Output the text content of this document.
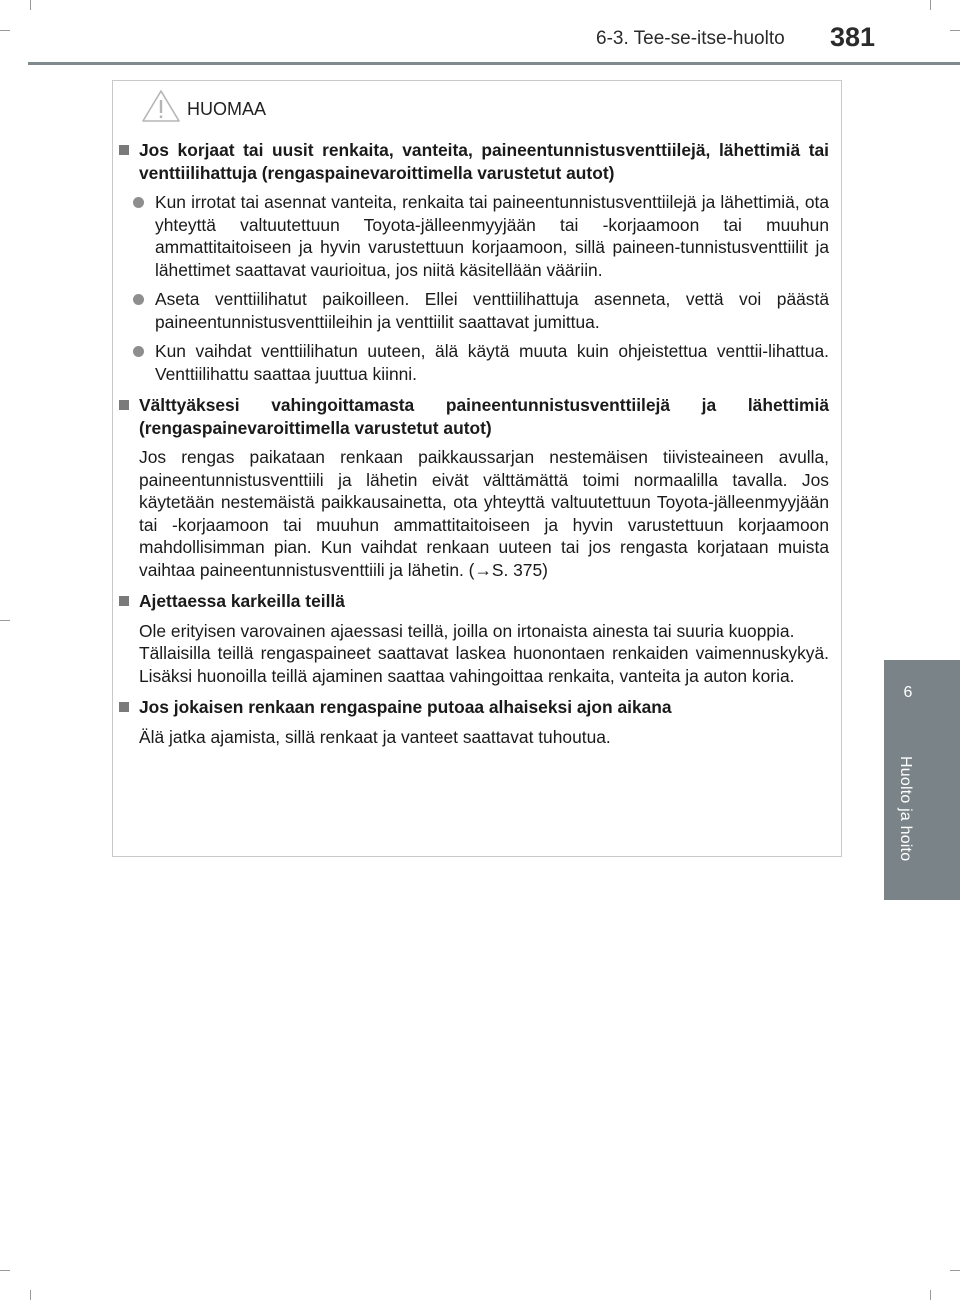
6-3. Tee-se-itse-huolto 381
6
Huolto ja hoito
HUOMAA
Jos korjaat tai uusit renkaita, vanteita, paineentunnistusventtiilejä, lähettimiä tai venttiilihattuja (rengaspainevaroittimella varustetut autot)
Kun irrotat tai asennat vanteita, renkaita tai paineentunnistusventtiilejä ja lähettimiä, ota yhteyttä valtuutettuun Toyota-jälleenmyyjään tai -korjaamoon tai muuhun ammattitaitoiseen ja hyvin varustettuun korjaamoon, sillä paineen-tunnistusventtiilit ja lähettimet saattavat vaurioitua, jos niitä käsitellään vääriin.
Aseta venttiilihatut paikoilleen. Ellei venttiilihattuja asenneta, vettä voi päästä paineentunnistusventtiileihin ja venttiilit saattavat jumittua.
Kun vaihdat venttiilihatun uuteen, älä käytä muuta kuin ohjeistettua venttii-lihattua. Venttiilihattu saattaa juuttua kiinni.
Välttyäksesi vahingoittamasta paineentunnistusventtiilejä ja lähettimiä (rengaspainevaroittimella varustetut autot)

Jos rengas paikataan renkaan paikkaussarjan nestemäisen tiivisteaineen avulla, paineentunnistusventtiili ja lähetin eivät välttämättä toimi normaalilla tavalla. Jos käytetään nestemäistä paikkausainetta, ota yhteyttä valtuutettuun Toyota-jälleenmyyjään tai -korjaamoon tai muuhun ammattitaitoiseen ja hyvin varustettuun korjaamoon mahdollisimman pian. Kun vaihdat renkaan uuteen tai jos rengasta korjataan muista vaihtaa paineentunnistusventtiili ja lähetin. (→S. 375)

Ajettaessa karkeilla teillä

Ole erityisen varovainen ajaessasi teillä, joilla on irtonaista ainesta tai suuria kuoppia.

Tällaisilla teillä rengaspaineet saattavat laskea huonontaen renkaiden vaimennuskykyä. Lisäksi huonoilla teillä ajaminen saattaa vahingoittaa renkaita, vanteita ja auton koria.

Jos jokaisen renkaan rengaspaine putoaa alhaiseksi ajon aikana

Älä jatka ajamista, sillä renkaat ja vanteet saattavat tuhoutua.
